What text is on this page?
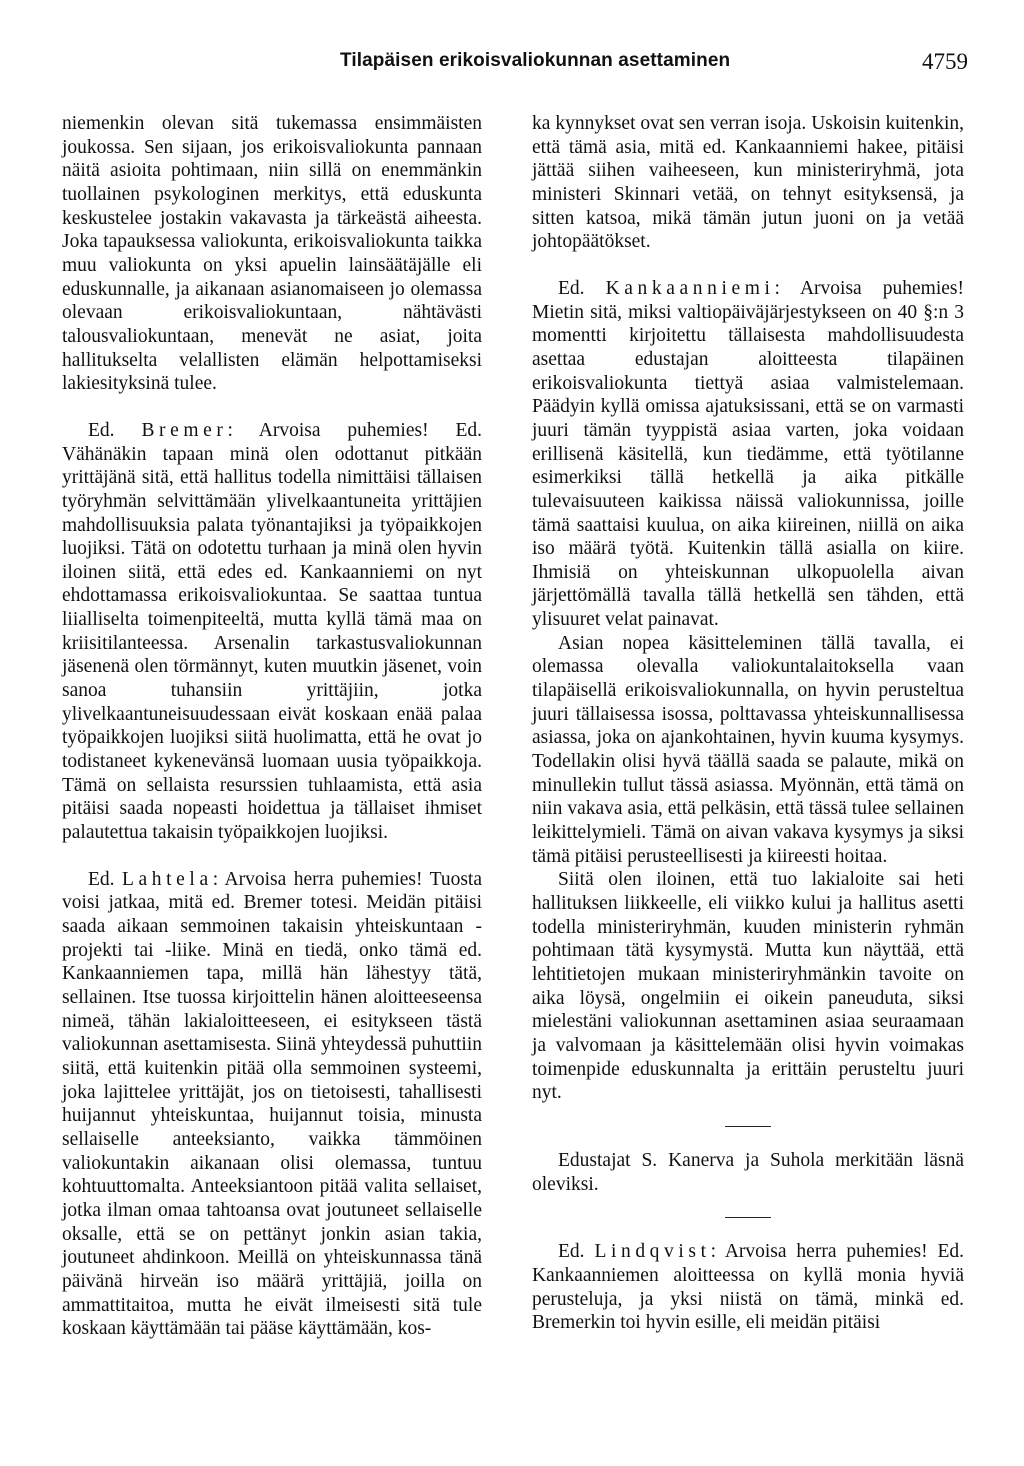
Tilapäisen erikoisvaliokunnan asettaminen	4759

niemenkin olevan sitä tukemassa ensimmäisten joukossa. Sen sijaan, jos erikoisvaliokunta pannaan näitä asioita pohtimaan, niin sillä on enemmänkin tuollainen psykologinen merkitys, että eduskunta keskustelee jostakin vakavasta ja tärkeästä aiheesta. Joka tapauksessa valiokunta, erikoisvaliokunta taikka muu valiokunta on yksi apuelin lainsäätäjälle eli eduskunnalle, ja aikanaan asianomaiseen jo olemassa olevaan erikoisvaliokuntaan, nähtävästi talousvaliokuntaan, menevät ne asiat, joita hallitukselta velallisten elämän helpottamiseksi lakiesityksinä tulee.

Ed. Bremer: Arvoisa puhemies! Ed. Vähänäkin tapaan minä olen odottanut pitkään yrittäjänä sitä, että hallitus todella nimittäisi tällaisen työryhmän selvittämään ylivelkaantuneita yrittäjien mahdollisuuksia palata työnantajiksi ja työpaikkojen luojiksi. Tätä on odotettu turhaan ja minä olen hyvin iloinen siitä, että edes ed. Kankaanniemi on nyt ehdottamassa erikoisvaliokuntaa. Se saattaa tuntua liialliselta toimenpiteeltä, mutta kyllä tämä maa on kriisitilanteessa. Arsenalin tarkastusvaliokunnan jäsenenä olen törmännyt, kuten muutkin jäsenet, voin sanoa tuhansiin yrittäjiin, jotka ylivelkaantuneisuudessaan eivät koskaan enää palaa työpaikkojen luojiksi siitä huolimatta, että he ovat jo todistaneet kykenevänsä luomaan uusia työpaikkoja. Tämä on sellaista resurssien tuhlaamista, että asia pitäisi saada nopeasti hoidettua ja tällaiset ihmiset palautettua takaisin työpaikkojen luojiksi.

Ed. Lahtela: Arvoisa herra puhemies! Tuosta voisi jatkaa, mitä ed. Bremer totesi. Meidän pitäisi saada aikaan semmoinen takaisin yhteiskuntaan -projekti tai -liike. Minä en tiedä, onko tämä ed. Kankaanniemen tapa, millä hän lähestyy tätä, sellainen. Itse tuossa kirjoittelin hänen aloitteeseensa nimeä, tähän lakialoitteeseen, ei esitykseen tästä valiokunnan asettamisesta. Siinä yhteydessä puhuttiin siitä, että kuitenkin pitää olla semmoinen systeemi, joka lajittelee yrittäjät, jos on tietoisesti, tahallisesti huijannut yhteiskuntaa, huijannut toisia, minusta sellaiselle anteeksianto, vaikka tämmöinen valiokuntakin aikanaan olisi olemassa, tuntuu kohtuuttomalta. Anteeksiantoon pitää valita sellaiset, jotka ilman omaa tahtoansa ovat joutuneet sellaiselle oksalle, että se on pettänyt jonkin asian takia, joutuneet ahdinkoon. Meillä on yhteiskunnassa tänä päivänä hirveän iso määrä yrittäjiä, joilla on ammattitaitoa, mutta he eivät ilmeisesti sitä tule koskaan käyttämään tai pääse käyttämään, kos-

ka kynnykset ovat sen verran isoja. Uskoisin kuitenkin, että tämä asia, mitä ed. Kankaanniemi hakee, pitäisi jättää siihen vaiheeseen, kun ministeriryhmä, jota ministeri Skinnari vetää, on tehnyt esityksensä, ja sitten katsoa, mikä tämän jutun juoni on ja vetää johtopäätökset.

Ed. Kankaanniemi: Arvoisa puhemies! Mietin sitä, miksi valtiopäiväjärjestykseen on 40 §:n 3 momentti kirjoitettu tällaisesta mahdollisuudesta asettaa edustajan aloitteesta tilapäinen erikoisvaliokunta tiettyä asiaa valmistelemaan. Päädyin kyllä omissa ajatuksissani, että se on varmasti juuri tämän tyyppistä asiaa varten, joka voidaan erillisenä käsitellä, kun tiedämme, että työtilanne esimerkiksi tällä hetkellä ja aika pitkälle tulevaisuuteen kaikissa näissä valiokunnissa, joille tämä saattaisi kuulua, on aika kiireinen, niillä on aika iso määrä työtä. Kuitenkin tällä asialla on kiire. Ihmisiä on yhteiskunnan ulkopuolella aivan järjettömällä tavalla tällä hetkellä sen tähden, että ylisuuret velat painavat.

Asian nopea käsitteleminen tällä tavalla, ei olemassa olevalla valiokuntalaitoksella vaan tilapäisellä erikoisvaliokunnalla, on hyvin perusteltua juuri tällaisessa isossa, polttavassa yhteiskunnallisessa asiassa, joka on ajankohtainen, hyvin kuuma kysymys. Todellakin olisi hyvä täällä saada se palaute, mikä on minullekin tullut tässä asiassa. Myönnän, että tämä on niin vakava asia, että pelkäsin, että tässä tulee sellainen leikittelymieli. Tämä on aivan vakava kysymys ja siksi tämä pitäisi perusteellisesti ja kiireesti hoitaa.

Siitä olen iloinen, että tuo lakialoite sai heti hallituksen liikkeelle, eli viikko kului ja hallitus asetti todella ministeriryhmän, kuuden ministerin ryhmän pohtimaan tätä kysymystä. Mutta kun näyttää, että lehtitietojen mukaan ministeriryhmänkin tavoite on aika löysä, ongelmiin ei oikein paneuduta, siksi mielestäni valiokunnan asettaminen asiaa seuraamaan ja valvomaan ja käsittelemään olisi hyvin voimakas toimenpide eduskunnalta ja erittäin perusteltu juuri nyt.

Edustajat S. Kanerva ja Suhola merkitään läsnä oleviksi.

Ed. Lindqvist: Arvoisa herra puhemies! Ed. Kankaanniemen aloitteessa on kyllä monia hyviä perusteluja, ja yksi niistä on tämä, minkä ed. Bremerkin toi hyvin esille, eli meidän pitäisi
